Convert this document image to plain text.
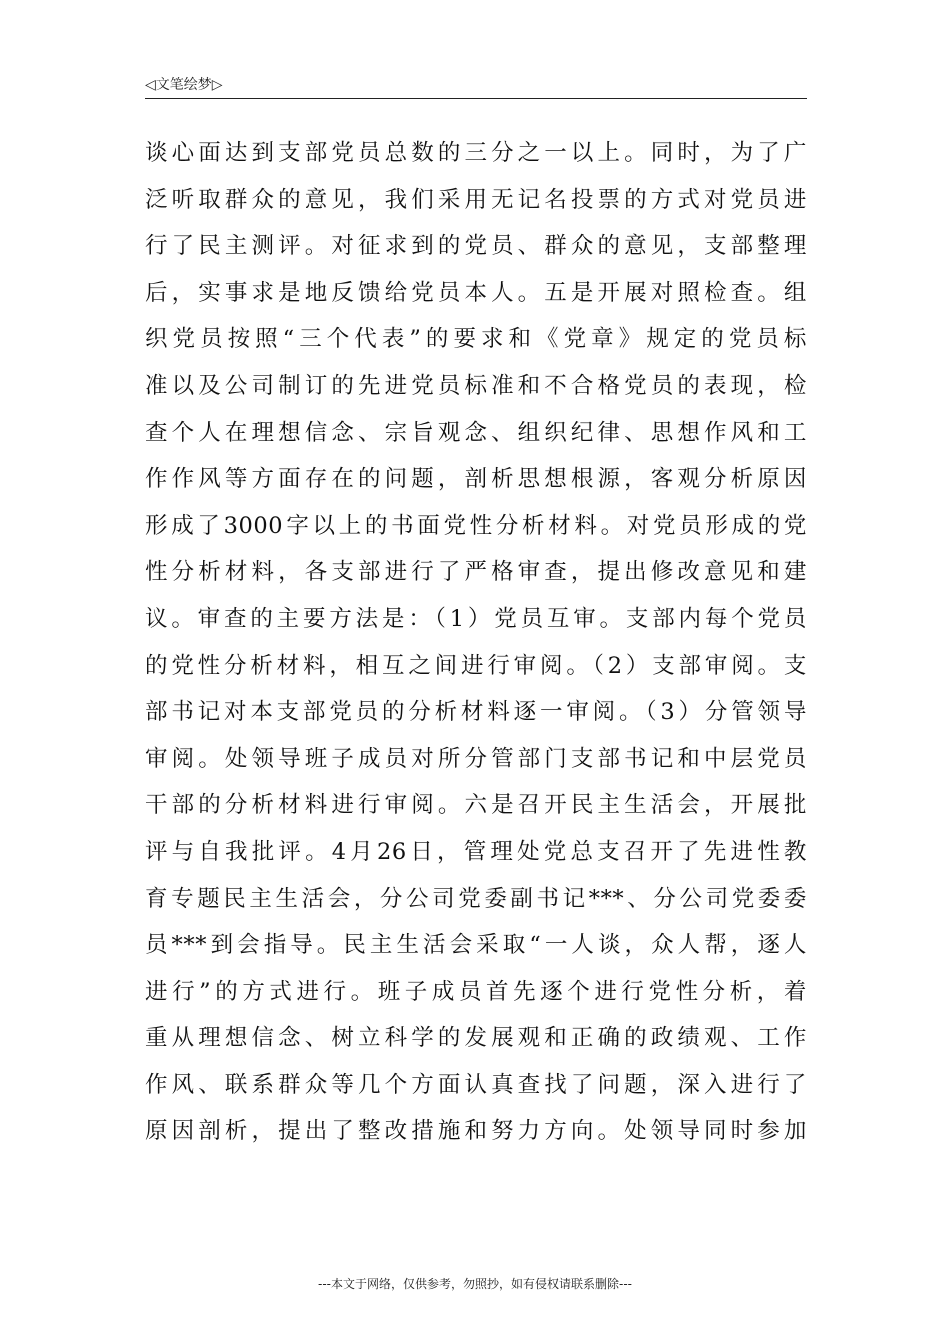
◁文笔绘梦▷
谈心面达到支部党员总数的三分之一以上。同时，为了广
泛听取群众的意见，我们采用无记名投票的方式对党员进
行了民主测评。对征求到的党员、群众的意见，支部整理
后，实事求是地反馈给党员本人。五是开展对照检查。组
织党员按照“三个代表”的要求和《党章》规定的党员标
准以及公司制订的先进党员标准和不合格党员的表现，检
查个人在理想信念、宗旨观念、组织纪律、思想作风和工
作作风等方面存在的问题，剖析思想根源，客观分析原因
形成了3000字以上的书面党性分析材料。对党员形成的党
性分析材料，各支部进行了严格审查，提出修改意见和建
议。审查的主要方法是：（1）党员互审。支部内每个党员
的党性分析材料，相互之间进行审阅。（2）支部审阅。支
部书记对本支部党员的分析材料逐一审阅。（3）分管领导
审阅。处领导班子成员对所分管部门支部书记和中层党员
干部的分析材料进行审阅。六是召开民主生活会，开展批
评与自我批评。4月26日，管理处党总支召开了先进性教
育专题民主生活会，分公司党委副书记***、分公司党委委
员***到会指导。民主生活会采取“一人谈，众人帮，逐人
进行”的方式进行。班子成员首先逐个进行党性分析，着
重从理想信念、树立科学的发展观和正确的政绩观、工作
作风、联系群众等几个方面认真查找了问题，深入进行了
原因剖析，提出了整改措施和努力方向。处领导同时参加
---本文于网络，仅供参考，勿照抄，如有侵权请联系删除---
